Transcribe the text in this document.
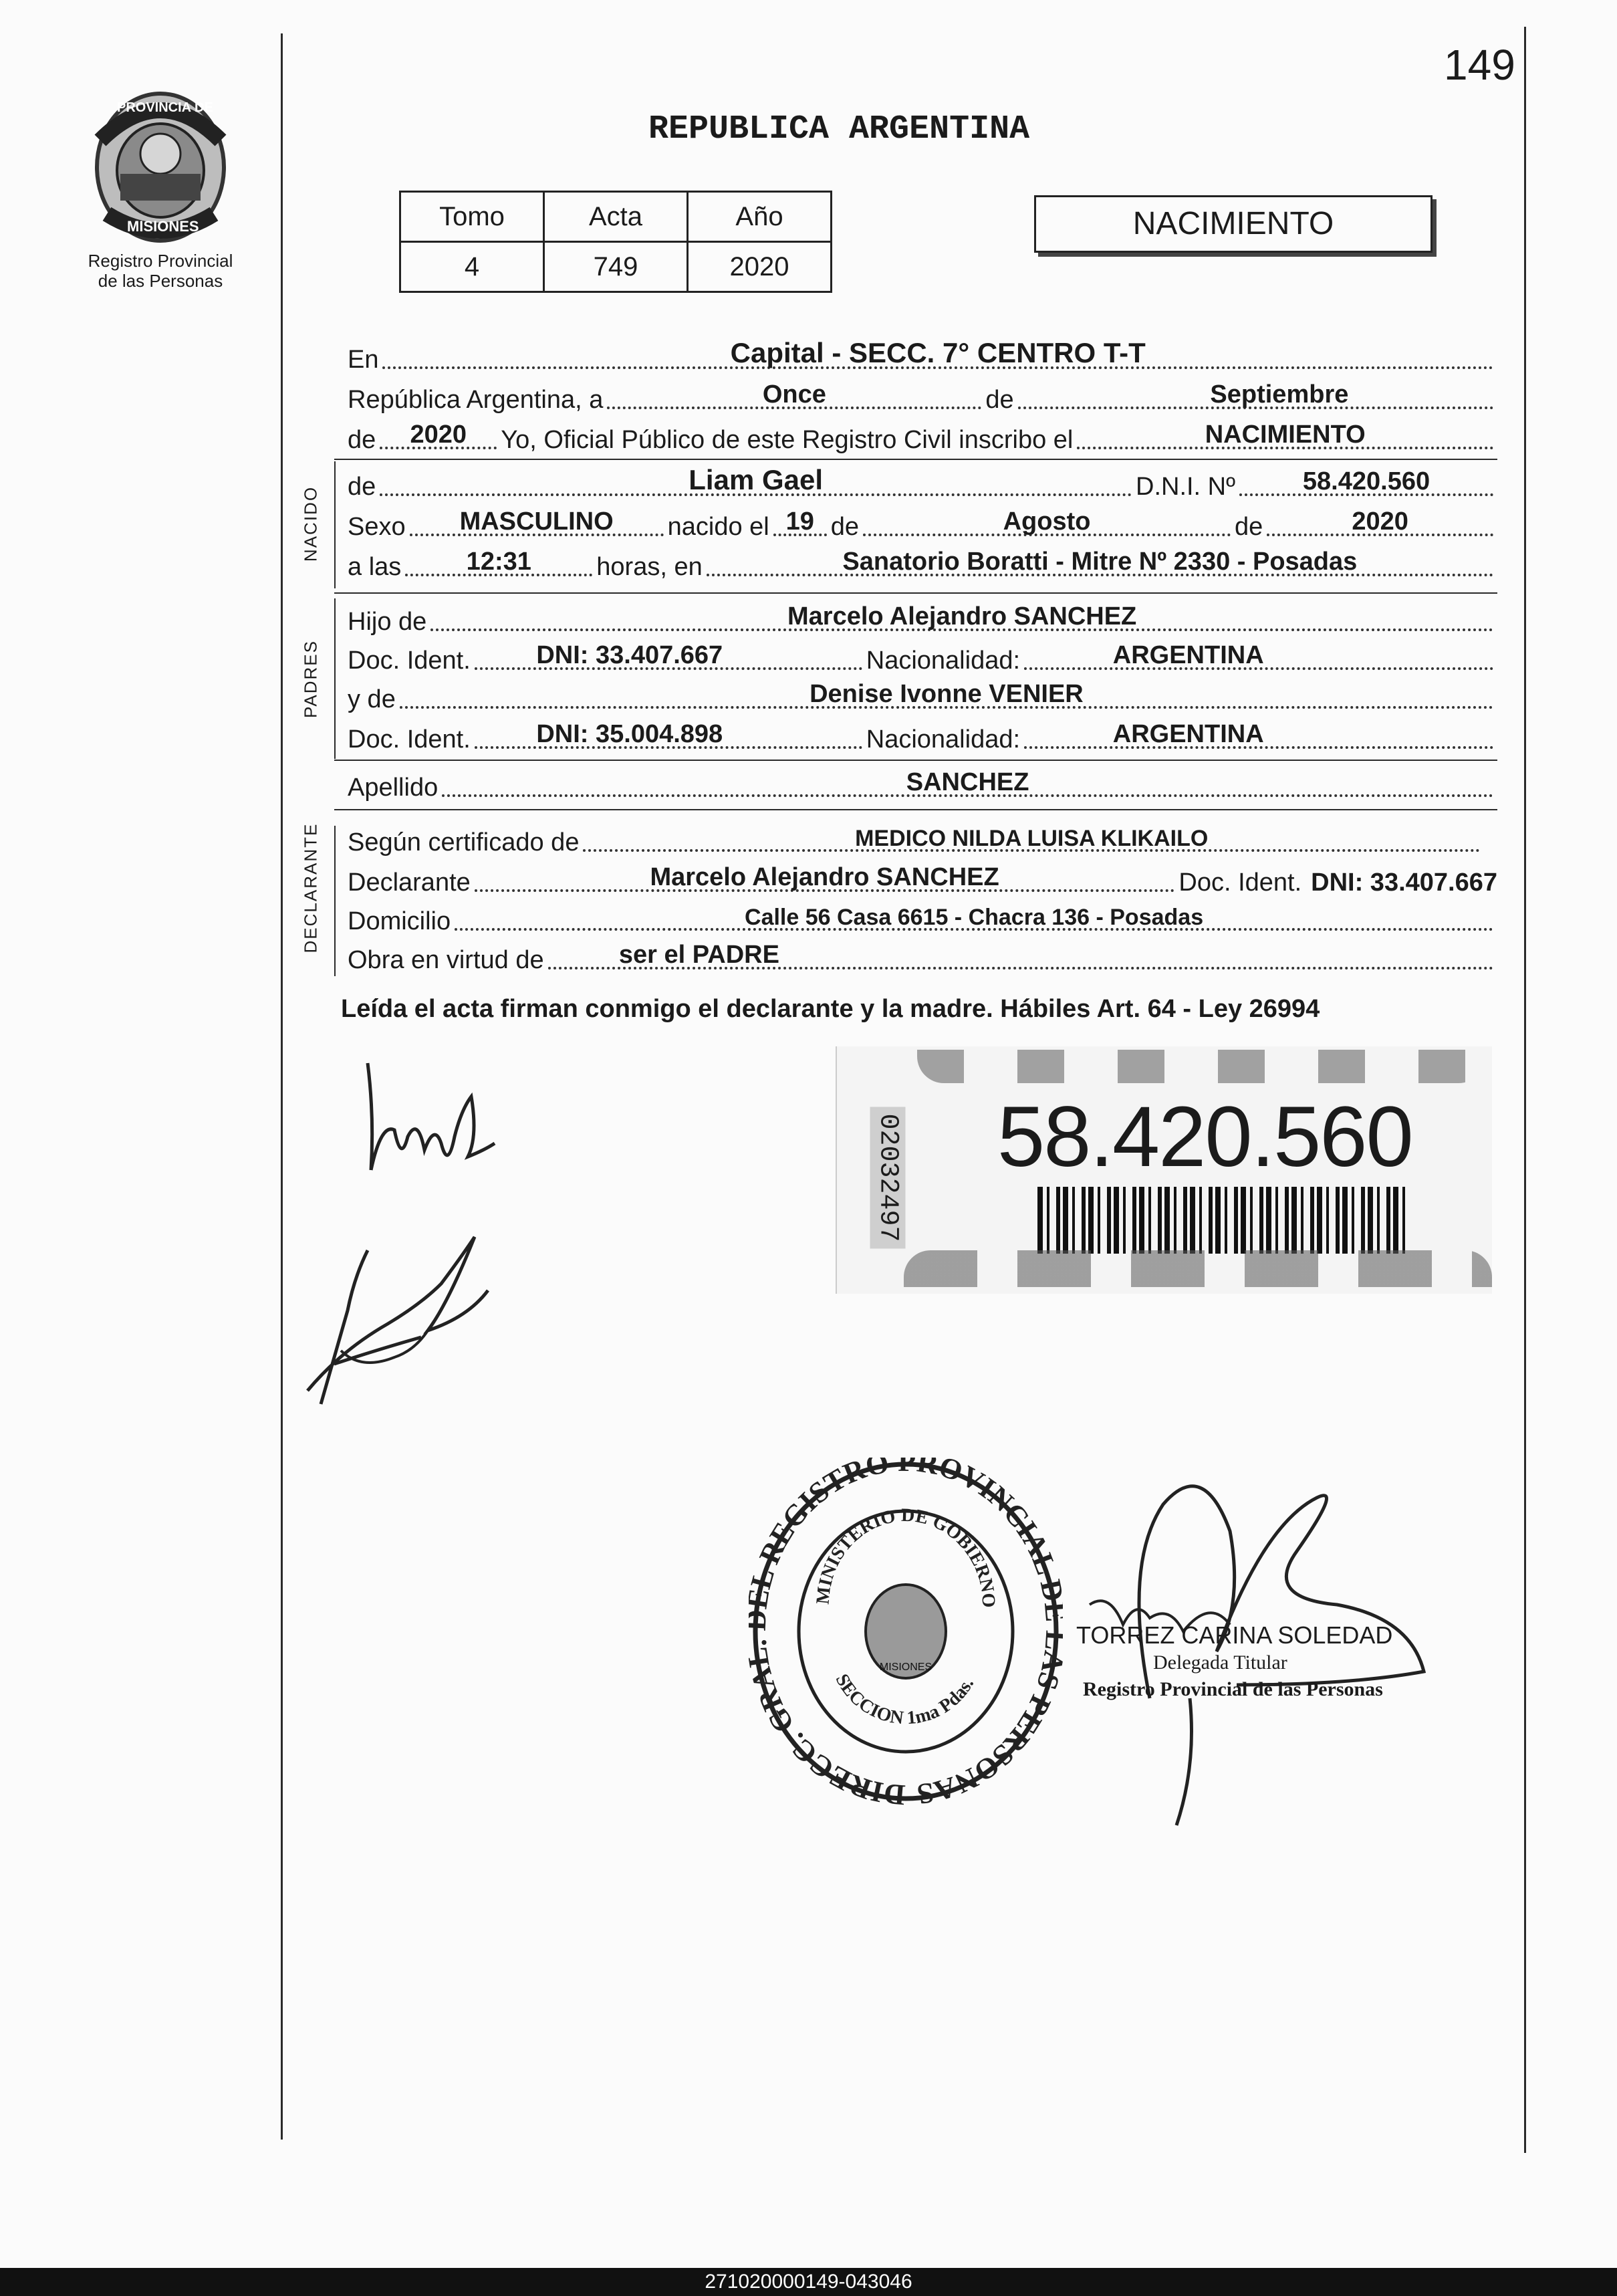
149
PROVINCIA DE
MISIONES
Registro Provincial
de las Personas
REPUBLICA ARGENTINA
Tomo	Acta	Año
4	749	2020
NACIMIENTO
En	Capital - SECC. 7° CENTRO T-T
República Argentina, a	Once	de	Septiembre
de 2020 Yo, Oficial Público de este Registro Civil inscribo el	NACIMIENTO
NACIDO de	Liam Gael	D.N.I. Nº	58.420.560
Sexo MASCULINO nacido el 19 de	Agosto	de	2020
a las	12:31	horas, en	Sanatorio Boratti - Mitre Nº 2330 - Posadas
PADRES
Hijo de	Marcelo Alejandro SANCHEZ
Doc. Ident.	DNI: 33.407.667	Nacionalidad:	ARGENTINA
y de	Denise Ivonne VENIER
Doc. Ident.	DNI: 35.004.898	Nacionalidad:	ARGENTINA
Apellido	SANCHEZ
DECLARANTE Según certificado de	MEDICO NILDA LUISA KLIKAILO
Declarante	Marcelo Alejandro SANCHEZ	Doc. Ident. DNI: 33.407.667
Domicilio	Calle 56 Casa 6615 - Chacra 136 - Posadas
Obra en virtud de	ser el PADRE
Leída el acta firman conmigo el declarante y la madre. Hábiles Art. 64 - Ley 26994
02032497 58.420.560
DIRECC. GR REGISTRO PROVINCIAL S PERSONAS
MINISTERIO DE GOBIERNO
SECCION 1ma Pdas.
MISIONES
TORREZ CARINA SOLEDAD
Delegada Titular
Registro Provincial de las Personas
271020000149-043046
